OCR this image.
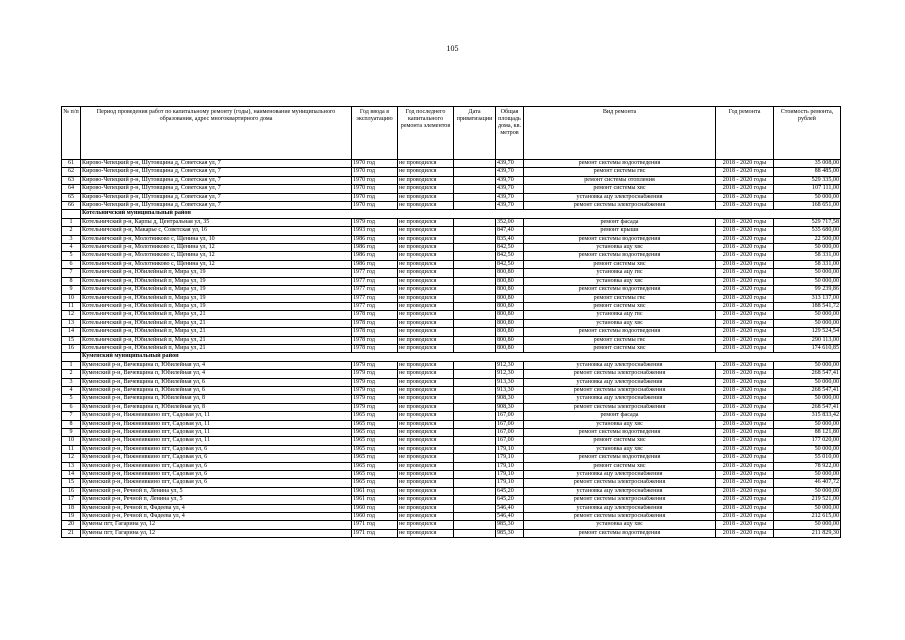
105
№ п/п	Период проведения работ по капитальному ремонту (годы), наименование муниципального образования, адрес многоквартирного дома	Год ввода в эксплуатацию	Год последнего капитального ремонта элементов	Дата приватизации	Общая площадь дома, кв. метров	Вид ремонта	Год ремонта	Стоимость ремонта, рублей
61	Кирово-Чепецкий р-н, Шутовщина д, Советская ул, 7	1970 год	не проводился		439,70	ремонт системы водоотведения	2018 - 2020 годы	35 008,00
62	Кирово-Чепецкий р-н, Шутовщина д, Советская ул, 7	1970 год	не проводился		439,70	ремонт системы гвс	2018 - 2020 годы	88 485,00
63	Кирово-Чепецкий р-н, Шутовщина д, Советская ул, 7	1970 год	не проводился		439,70	ремонт системы отопления	2018 - 2020 годы	529 335,00
64	Кирово-Чепецкий р-н, Шутовщина д, Советская ул, 7	1970 год	не проводился		439,70	ремонт системы хвс	2018 - 2020 годы	107 111,00
65	Кирово-Чепецкий р-н, Шутовщина д, Советская ул, 7	1970 год	не проводился		439,70	установка ацу электроснабжения	2018 - 2020 годы	50 000,00
66	Кирово-Чепецкий р-н, Шутовщина д, Советская ул, 7	1970 год	не проводился		439,70	ремонт системы электроснабжения	2018 - 2020 годы	168 651,00
	Котельничский муниципальный район							
1	Котельничский р-н, Карпы д, Центральная ул, 35	1979 год	не проводился		352,00	ремонт фасада	2018 - 2020 годы	529 717,58
2	Котельничский р-н, Макарье с, Советская ул, 16	1993 год	не проводился		847,40	ремонт крыши	2018 - 2020 годы	535 680,00
3	Котельничский р-н, Молотниково с, Щенина ул, 10	1986 год	не проводился		835,40	ремонт системы водоотведения	2018 - 2020 годы	22 500,00
4	Котельничский р-н, Молотниково с, Щенина ул, 12	1986 год	не проводился		842,50	установка ацу хвс	2018 - 2020 годы	50 000,00
5	Котельничский р-н, Молотниково с, Щенина ул, 12	1986 год	не проводился		842,50	ремонт системы водоотведения	2018 - 2020 годы	58 331,00
6	Котельничский р-н, Молотниково с, Щенина ул, 12	1986 год	не проводился		842,50	ремонт системы хвс	2018 - 2020 годы	58 331,00
7	Котельничский р-н, Юбилейный п, Мира ул, 19	1977 год	не проводился		800,80	установка ацу гвс	2018 - 2020 годы	50 000,00
8	Котельничский р-н, Юбилейный п, Мира ул, 19	1977 год	не проводился		800,80	установка ацу хвс	2018 - 2020 годы	50 000,00
9	Котельничский р-н, Юбилейный п, Мира ул, 19	1977 год	не проводился		800,80	ремонт системы водоотведения	2018 - 2020 годы	99 239,86
10	Котельничский р-н, Юбилейный п, Мира ул, 19	1977 год	не проводился		800,80	ремонт системы гвс	2018 - 2020 годы	313 137,00
11	Котельничский р-н, Юбилейный п, Мира ул, 19	1977 год	не проводился		800,80	ремонт системы хвс	2018 - 2020 годы	188 541,72
12	Котельничский р-н, Юбилейный п, Мира ул, 21	1978 год	не проводился		800,80	установка ацу гвс	2018 - 2020 годы	50 000,00
13	Котельничский р-н, Юбилейный п, Мира ул, 21	1978 год	не проводился		800,80	установка ацу хвс	2018 - 2020 годы	50 000,00
14	Котельничский р-н, Юбилейный п, Мира ул, 21	1978 год	не проводился		800,80	ремонт системы водоотведения	2018 - 2020 годы	129 524,54
15	Котельничский р-н, Юбилейный п, Мира ул, 21	1978 год	не проводился		800,80	ремонт системы гвс	2018 - 2020 годы	290 113,00
16	Котельничский р-н, Юбилейный п, Мира ул, 21	1978 год	не проводился		800,80	ремонт системы хвс	2018 - 2020 годы	174 610,85
	Куменский муниципальный район							
1	Куменский р-н, Вичевщина п, Юбилейная ул, 4	1979 год	не проводился		912,30	установка ацу электроснабжения	2018 - 2020 годы	50 000,00
2	Куменский р-н, Вичевщина п, Юбилейная ул, 4	1979 год	не проводился		912,30	ремонт системы электроснабжения	2018 - 2020 годы	268 547,41
3	Куменский р-н, Вичевщина п, Юбилейная ул, 6	1979 год	не проводился		913,30	установка ацу электроснабжения	2018 - 2020 годы	50 000,00
4	Куменский р-н, Вичевщина п, Юбилейная ул, 6	1979 год	не проводился		913,30	ремонт системы электроснабжения	2018 - 2020 годы	268 547,41
5	Куменский р-н, Вичевщина п, Юбилейная ул, 8	1979 год	не проводился		908,30	установка ацу электроснабжения	2018 - 2020 годы	50 000,00
6	Куменский р-н, Вичевщина п, Юбилейная ул, 8	1979 год	не проводился		908,30	ремонт системы электроснабжения	2018 - 2020 годы	268 547,41
7	Куменский р-н, Нижнеивкино пгт, Садовая ул, 11	1965 год	не проводился		167,00	ремонт фасада	2018 - 2020 годы	315 833,42
8	Куменский р-н, Нижнеивкино пгт, Садовая ул, 11	1965 год	не проводился		167,00	установка ацу хвс	2018 - 2020 годы	50 000,00
9	Куменский р-н, Нижнеивкино пгт, Садовая ул, 11	1965 год	не проводился		167,00	ремонт системы водоотведения	2018 - 2020 годы	88 121,80
10	Куменский р-н, Нижнеивкино пгт, Садовая ул, 11	1965 год	не проводился		167,00	ремонт системы хвс	2018 - 2020 годы	177 020,00
11	Куменский р-н, Нижнеивкино пгт, Садовая ул, 6	1965 год	не проводился		179,10	установка ацу хвс	2018 - 2020 годы	50 000,00
12	Куменский р-н, Нижнеивкино пгт, Садовая ул, 6	1965 год	не проводился		179,10	ремонт системы водоотведения	2018 - 2020 годы	55 010,00
13	Куменский р-н, Нижнеивкино пгт, Садовая ул, 6	1965 год	не проводился		179,10	ремонт системы хвс	2018 - 2020 годы	78 922,00
14	Куменский р-н, Нижнеивкино пгт, Садовая ул, 6	1965 год	не проводился		179,10	установка ацу электроснабжения	2018 - 2020 годы	50 000,00
15	Куменский р-н, Нижнеивкино пгт, Садовая ул, 6	1965 год	не проводился		179,10	ремонт системы электроснабжения	2018 - 2020 годы	46 407,72
16	Куменский р-н, Речной п, Ленина ул, 5	1961 год	не проводился		645,20	установка ацу электроснабжения	2018 - 2020 годы	50 000,00
17	Куменский р-н, Речной п, Ленина ул, 5	1961 год	не проводился		645,20	ремонт системы электроснабжения	2018 - 2020 годы	219 521,00
18	Куменский р-н, Речной п, Фадеева ул, 4	1960 год	не проводился		546,40	установка ацу электроснабжения	2018 - 2020 годы	50 000,00
19	Куменский р-н, Речной п, Фадеева ул, 4	1960 год	не проводился		546,40	ремонт системы электроснабжения	2018 - 2020 годы	212 615,00
20	Кумены пгт, Гагарина ул, 12	1971 год	не проводился		985,30	установка ацу хвс	2018 - 2020 годы	50 000,00
21	Кумены пгт, Гагарина ул, 12	1971 год	не проводился		985,30	ремонт системы водоотведения	2018 - 2020 годы	211 829,30
